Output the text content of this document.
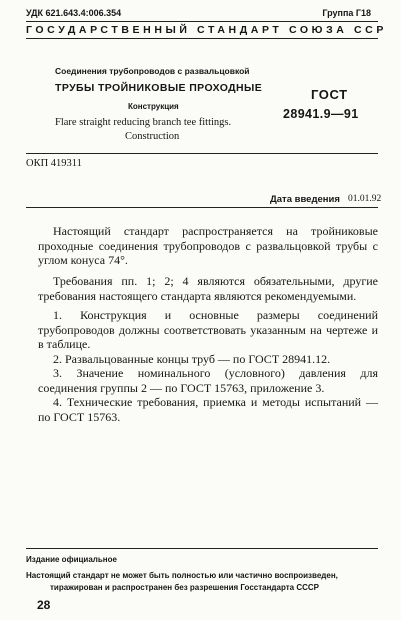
УДК 621.643.4:006.354	Группа Г18
ГОСУДАРСТВЕННЫЙ СТАНДАРТ СОЮЗА ССР
Соединения трубопроводов с развальцовкой
ТРУБЫ ТРОЙНИКОВЫЕ ПРОХОДНЫЕ
Конструкция
Flare straight reducing branch tee fittings.
Construction
ГОСТ
28941.9—91
ОКП 419311
Дата введения 01.01.92

Настоящий стандарт распространяется на тройниковые проходные соединения трубопроводов с развальцовкой трубы с углом конуса 74°.

Требования пп. 1; 2; 4 являются обязательными, другие требования настоящего стандарта являются рекомендуемыми.

1. Конструкция и основные размеры соединений трубопроводов должны соответствовать указанным на чертеже и в таблице.

2. Развальцованные концы труб — по ГОСТ 28941.12.

3. Значение номинального (условного) давления для соединения группы 2 — по ГОСТ 15763, приложение 3.

4. Технические требования, приемка и методы испытаний — по ГОСТ 15763.

Издание официальное
Настоящий стандарт не может быть полностью или частично воспроизведен,
тиражирован и распространен без разрешения Госстандарта СССР
28
